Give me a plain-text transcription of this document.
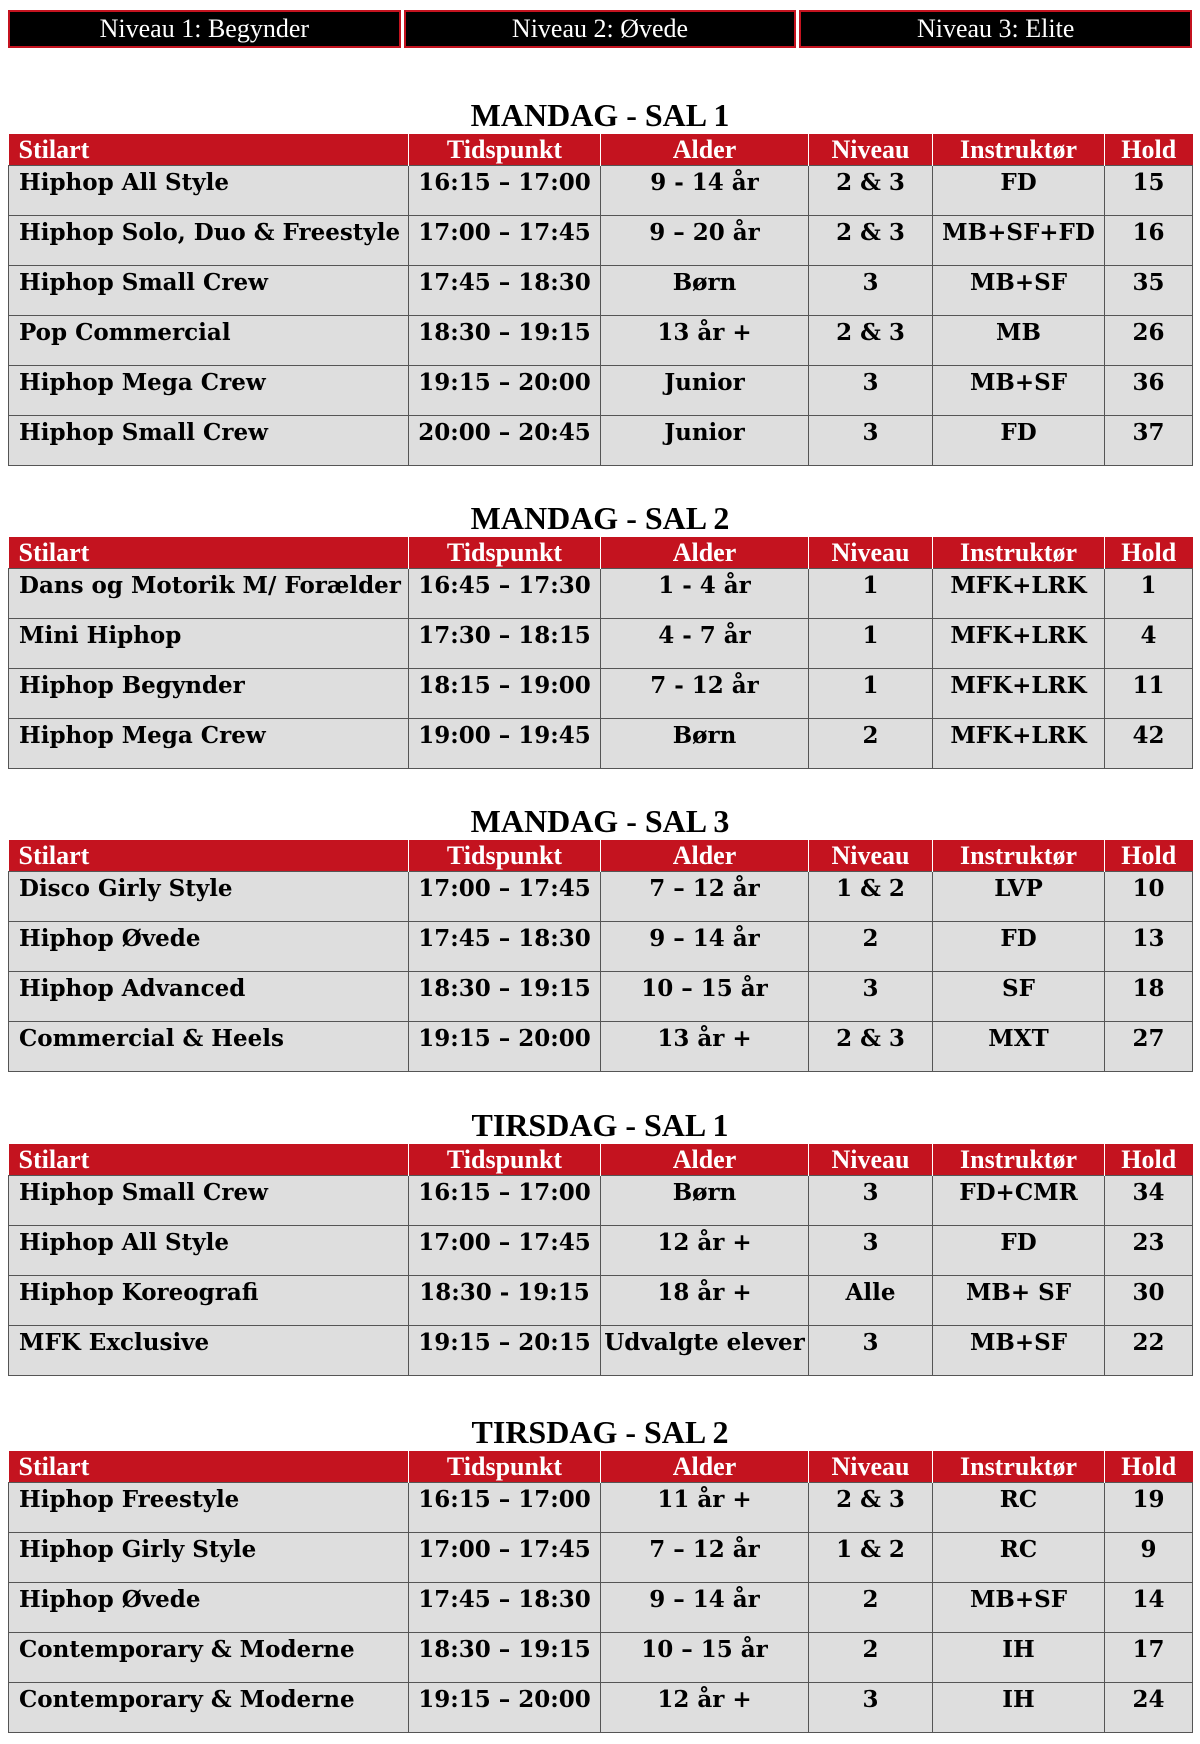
Niveau 1: Begynder	Niveau 2: Øvede	Niveau 3: Elite
MANDAG - SAL 1
Stilart	Tidspunkt	Alder	Niveau	Instruktør	Hold
Hiphop All Style	16:15 – 17:00	9 - 14 år	2 & 3	FD	15
Hiphop Solo, Duo & Freestyle	17:00 – 17:45	9 – 20 år	2 & 3	MB+SF+FD	16
Hiphop Small Crew	17:45 – 18:30	Børn	3	MB+SF	35
Pop Commercial	18:30 – 19:15	13 år +	2 & 3	MB	26
Hiphop Mega Crew	19:15 – 20:00	Junior	3	MB+SF	36
Hiphop Small Crew	20:00 – 20:45	Junior	3	FD	37
MANDAG - SAL 2
Stilart	Tidspunkt	Alder	Niveau	Instruktør	Hold
Dans og Motorik M/ Forælder	16:45 – 17:30	1 - 4 år	1	MFK+LRK	1
Mini Hiphop	17:30 – 18:15	4 - 7 år	1	MFK+LRK	4
Hiphop Begynder	18:15 – 19:00	7 - 12 år	1	MFK+LRK	11
Hiphop Mega Crew	19:00 – 19:45	Børn	2	MFK+LRK	42
MANDAG - SAL 3
Stilart	Tidspunkt	Alder	Niveau	Instruktør	Hold
Disco Girly Style	17:00 – 17:45	7 – 12 år	1 & 2	LVP	10
Hiphop Øvede	17:45 – 18:30	9 – 14 år	2	FD	13
Hiphop Advanced	18:30 – 19:15	10 – 15 år	3	SF	18
Commercial & Heels	19:15 – 20:00	13 år +	2 & 3	MXT	27
TIRSDAG - SAL 1
Stilart	Tidspunkt	Alder	Niveau	Instruktør	Hold
Hiphop Small Crew	16:15 – 17:00	Børn	3	FD+CMR	34
Hiphop All Style	17:00 – 17:45	12 år +	3	FD	23
Hiphop Koreografi	18:30 - 19:15	18 år +	Alle	MB+ SF	30
MFK Exclusive	19:15 – 20:15	Udvalgte elever	3	MB+SF	22
TIRSDAG - SAL 2
Stilart	Tidspunkt	Alder	Niveau	Instruktør	Hold
Hiphop Freestyle	16:15 – 17:00	11 år +	2 & 3	RC	19
Hiphop Girly Style	17:00 – 17:45	7 – 12 år	1 & 2	RC	9
Hiphop Øvede	17:45 – 18:30	9 – 14 år	2	MB+SF	14
Contemporary & Moderne	18:30 – 19:15	10 – 15 år	2	IH	17
Contemporary & Moderne	19:15 – 20:00	12 år +	3	IH	24
